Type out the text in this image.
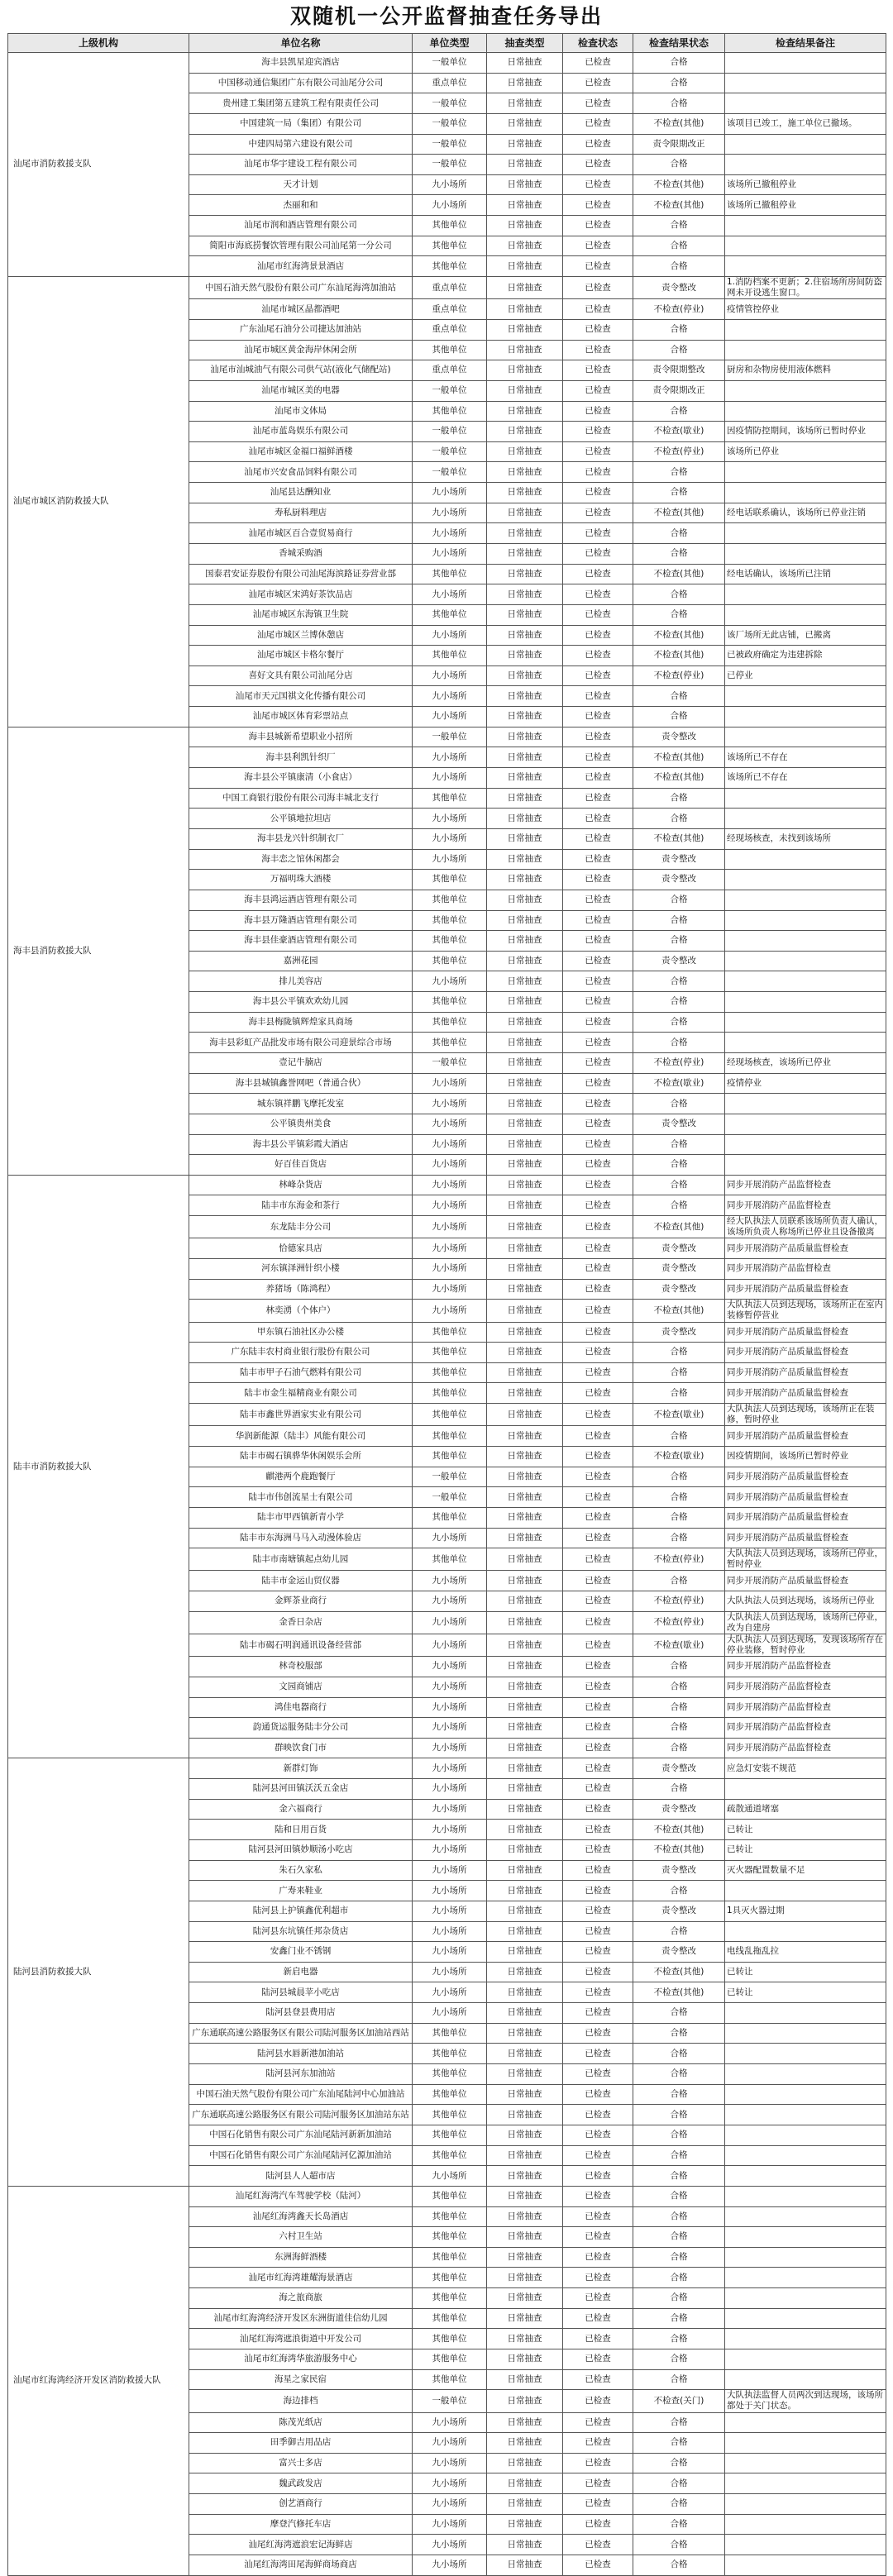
双随机一公开监督抽查任务导出
上级机构	单位名称	单位类型	抽查类型	检查状态	检查结果状态	检查结果备注
汕尾市消防救援支队	海丰县凯星迎宾酒店	一般单位	日常抽查	已检查	合格	
	中国移动通信集团广东有限公司汕尾分公司	重点单位	日常抽查	已检查	合格	
	贵州建工集团第五建筑工程有限责任公司	一般单位	日常抽查	已检查	合格	
	中国建筑一局（集团）有限公司	一般单位	日常抽查	已检查	不检查(其他)	该项目已竣工，施工单位已撤场。
	中建四局第六建设有限公司	一般单位	日常抽查	已检查	责令限期改正	
	汕尾市华宇建设工程有限公司	一般单位	日常抽查	已检查	合格	
	天才计划	九小场所	日常抽查	已检查	不检查(其他)	该场所已撤租停业
	杰丽和和	九小场所	日常抽查	已检查	不检查(其他)	该场所已撤租停业
	汕尾市润和酒店管理有限公司	其他单位	日常抽查	已检查	合格	
	简阳市海底捞餐饮管理有限公司汕尾第一分公司	其他单位	日常抽查	已检查	合格	
	汕尾市红海湾景景酒店	其他单位	日常抽查	已检查	合格	
汕尾市城区消防救援大队	中国石油天然气股份有限公司广东汕尾海湾加油站	重点单位	日常抽查	已检查	责令整改	1.消防档案不更新；2.住宿场所房间防盗网未开设逃生窗口。
	汕尾市城区晶都酒吧	重点单位	日常抽查	已检查	不检查(停业)	疫情管控停业
	广东汕尾石油分公司捷达加油站	重点单位	日常抽查	已检查	合格	
	汕尾市城区黄金海岸休闲会所	其他单位	日常抽查	已检查	合格	
	汕尾市汕城油气有限公司供气站(液化气储配站)	重点单位	日常抽查	已检查	责令限期整改	厨房和杂物房使用液体燃料
	汕尾市城区美的电器	一般单位	日常抽查	已检查	责令限期改正	
	汕尾市文体局	其他单位	日常抽查	已检查	合格	
	汕尾市蓝岛娱乐有限公司	一般单位	日常抽查	已检查	不检查(歇业)	因疫情防控期间，该场所已暂时停业
	汕尾市城区金福口福鲜酒楼	一般单位	日常抽查	已检查	不检查(停业)	该场所已停业
	汕尾市兴安食品饲料有限公司	一般单位	日常抽查	已检查	合格	
	汕尾县达酬知业	九小场所	日常抽查	已检查	合格	
	寿私厨料理店	九小场所	日常抽查	已检查	不检查(其他)	经电话联系确认，该场所已停业注销
	汕尾市城区百合壹贸易商行	九小场所	日常抽查	已检查	合格	
	香城采购酒	九小场所	日常抽查	已检查	合格	
	国泰君安证券股份有限公司汕尾海滨路证券营业部	其他单位	日常抽查	已检查	不检查(其他)	经电话确认，该场所已注销
	汕尾市城区宋鸿好茶饮品店	九小场所	日常抽查	已检查	合格	
	汕尾市城区东海镇卫生院	其他单位	日常抽查	已检查	合格	
	汕尾市城区兰博休憩店	九小场所	日常抽查	已检查	不检查(其他)	该厂场所无此店铺，已搬离
	汕尾市城区卡格尔餐厅	其他单位	日常抽查	已检查	不检查(其他)	已被政府确定为违建拆除
	喜好文具有限公司汕尾分店	九小场所	日常抽查	已检查	不检查(停业)	已停业
	汕尾市天元国祺文化传播有限公司	九小场所	日常抽查	已检查	合格	
	汕尾市城区体育彩票站点	九小场所	日常抽查	已检查	合格	
海丰县消防救援大队	海丰县城新希望职业小招所	一般单位	日常抽查	已检查	责令整改	
	海丰县利凯针织厂	九小场所	日常抽查	已检查	不检查(其他)	该场所已不存在
	海丰县公平镇康清（小食店）	九小场所	日常抽查	已检查	不检查(其他)	该场所已不存在
	中国工商银行股份有限公司海丰城北支行	其他单位	日常抽查	已检查	合格	
	公平镇地拉坦店	九小场所	日常抽查	已检查	合格	
	海丰县龙兴针织制衣厂	九小场所	日常抽查	已检查	不检查(其他)	经现场核查，未找到该场所
	海丰恋之馆休闲都会	九小场所	日常抽查	已检查	责令整改	
	万福明珠大酒楼	其他单位	日常抽查	已检查	责令整改	
	海丰县鸿运酒店管理有限公司	其他单位	日常抽查	已检查	合格	
	海丰县万隆酒店管理有限公司	其他单位	日常抽查	已检查	合格	
	海丰县佳豪酒店管理有限公司	其他单位	日常抽查	已检查	合格	
	嘉洲花园	其他单位	日常抽查	已检查	责令整改	
	排儿美容店	九小场所	日常抽查	已检查	合格	
	海丰县公平镇欢欢幼儿园	其他单位	日常抽查	已检查	合格	
	海丰县梅陇镇辉煌家具商场	其他单位	日常抽查	已检查	合格	
	海丰县彩虹产品批发市场有限公司迎景综合市场	其他单位	日常抽查	已检查	合格	
	壹记牛腩店	一般单位	日常抽查	已检查	不检查(停业)	经现场核查，该场所已停业
	海丰县城镇鑫誉网吧（普通合伙）	九小场所	日常抽查	已检查	不检查(歇业)	疫情停业
	城东镇祥鹏飞摩托发室	九小场所	日常抽查	已检查	合格	
	公平镇贵州美食	九小场所	日常抽查	已检查	责令整改	
	海丰县公平镇彩霞大酒店	九小场所	日常抽查	已检查	合格	
	好百佳百货店	九小场所	日常抽查	已检查	合格	
陆丰市消防救援大队	林峰杂货店	九小场所	日常抽查	已检查	合格	同步开展消防产品监督检查
	陆丰市东海金和茶行	九小场所	日常抽查	已检查	合格	同步开展消防产品监督检查
	东龙陆丰分公司	九小场所	日常抽查	已检查	不检查(其他)	经大队执法人员联系该场所负责人确认，该场所负责人称场所已停业且设备撤离
	恰德家具店	九小场所	日常抽查	已检查	责令整改	同步开展消防产品质量监督检查
	河东镇泽洲针织小楼	九小场所	日常抽查	已检查	责令整改	同步开展消防产品监督检查
	养猪场（陈鸿程）	九小场所	日常抽查	已检查	责令整改	同步开展消防产品质量监督检查
	林奕湧（个体户）	九小场所	日常抽查	已检查	不检查(其他)	大队执法人员到达现场，该场所正在室内装修暂停营业
	甲东镇石油社区办公楼	其他单位	日常抽查	已检查	责令整改	同步开展消防产品质量监督检查
	广东陆丰农村商业银行股份有限公司	其他单位	日常抽查	已检查	合格	同步开展消防产品质量监督检查
	陆丰市甲子石油气燃料有限公司	其他单位	日常抽查	已检查	合格	同步开展消防产品质量监督检查
	陆丰市金生福精商业有限公司	其他单位	日常抽查	已检查	合格	同步开展消防产品质量监督检查
	陆丰市鑫世界酒家实业有限公司	其他单位	日常抽查	已检查	不检查(歇业)	大队执法人员到达现场，该场所正在装修，暂时停业
	华润新能源（陆丰）风能有限公司	其他单位	日常抽查	已检查	合格	同步开展消防产品质量监督检查
	陆丰市碣石镇骅华休闲娱乐会所	其他单位	日常抽查	已检查	不检查(歇业)	因疫情期间，该场所已暂时停业
	麒港两个鹿跑餐厅	一般单位	日常抽查	已检查	合格	同步开展消防产品质量监督检查
	陆丰市伟创流星士有限公司	一般单位	日常抽查	已检查	合格	同步开展消防产品质量监督检查
	陆丰市甲西镇新青小学	其他单位	日常抽查	已检查	合格	同步开展消防产品质量监督检查
	陆丰市东海洲马马入动漫体验店	九小场所	日常抽查	已检查	合格	同步开展消防产品质量监督检查
	陆丰市南塘镇起点幼儿园	其他单位	日常抽查	已检查	不检查(停业)	大队执法人员到达现场，该场所已停业，暂时停业
	陆丰市金运山贸仪器	九小场所	日常抽查	已检查	合格	同步开展消防产品质量监督检查
	金辉茶业商行	九小场所	日常抽查	已检查	不检查(停业)	大队执法人员到达现场，该场所已停业
	金香日杂店	九小场所	日常抽查	已检查	不检查(停业)	大队执法人员到达现场，该场所已停业，改为自建房
	陆丰市碣石明润通讯设备经营部	九小场所	日常抽查	已检查	不检查(歇业)	大队执法人员到达现场，发现该场所存在停业装修，暂时停业
	林奇校服部	九小场所	日常抽查	已检查	合格	同步开展消防产品监督检查
	文园商铺店	九小场所	日常抽查	已检查	合格	同步开展消防产品监督检查
	鸿佳电器商行	九小场所	日常抽查	已检查	合格	同步开展消防产品监督检查
	韵通货运服务陆丰分公司	九小场所	日常抽查	已检查	合格	同步开展消防产品监督检查
	群映饮食门市	九小场所	日常抽查	已检查	合格	同步开展消防产品监督检查
陆河县消防救援大队	新群灯饰	九小场所	日常抽查	已检查	责令整改	应急灯安装不规范
	陆河县河田镇沃沃五金店	九小场所	日常抽查	已检查	合格	
	金六福商行	九小场所	日常抽查	已检查	责令整改	疏散通道堵塞
	陆和日用百货	九小场所	日常抽查	已检查	不检查(其他)	已转让
	陆河县河田镇妙顺汤小吃店	九小场所	日常抽查	已检查	不检查(其他)	已转让
	朱石久家私	九小场所	日常抽查	已检查	责令整改	灭火器配置数量不足
	广寿来鞋业	九小场所	日常抽查	已检查	合格	
	陆河县上护镇鑫优利超市	九小场所	日常抽查	已检查	责令整改	1具灭火器过期
	陆河县东坑镇任邦杂货店	九小场所	日常抽查	已检查	合格	
	安鑫门业不锈钢	九小场所	日常抽查	已检查	责令整改	电线乱拖乱拉
	新启电器	九小场所	日常抽查	已检查	不检查(其他)	已转让
	陆河县城晨苹小吃店	九小场所	日常抽查	已检查	不检查(其他)	已转让
	陆河县登县费用店	九小场所	日常抽查	已检查	合格	
	广东通联高速公路服务区有限公司陆河服务区加油站西站	其他单位	日常抽查	已检查	合格	
	陆河县水唇新港加油站	其他单位	日常抽查	已检查	合格	
	陆河县河东加油站	其他单位	日常抽查	已检查	合格	
	中国石油天然气股份有限公司广东汕尾陆河中心加油站	其他单位	日常抽查	已检查	合格	
	广东通联高速公路服务区有限公司陆河服务区加油站东站	其他单位	日常抽查	已检查	合格	
	中国石化销售有限公司广东汕尾陆河新新加油站	其他单位	日常抽查	已检查	合格	
	中国石化销售有限公司广东汕尾陆河亿源加油站	其他单位	日常抽查	已检查	合格	
	陆河县人人超市店	九小场所	日常抽查	已检查	合格	
汕尾市红海湾经济开发区消防救援大队	汕尾红海湾汽车驾驶学校（陆河）	其他单位	日常抽查	已检查	合格	
	汕尾红海湾鑫天长岛酒店	其他单位	日常抽查	已检查	合格	
	六村卫生站	其他单位	日常抽查	已检查	合格	
	东洲海鲜酒楼	其他单位	日常抽查	已检查	合格	
	汕尾市红海湾雄耀海景酒店	其他单位	日常抽查	已检查	合格	
	海之旅商旅	其他单位	日常抽查	已检查	合格	
	汕尾市红海湾经济开发区东洲街道佳信幼儿园	其他单位	日常抽查	已检查	合格	
	汕尾红海湾遮浪街道中开发公司	其他单位	日常抽查	已检查	合格	
	汕尾市红海湾华旅游服务中心	其他单位	日常抽查	已检查	合格	
	海星之家民宿	其他单位	日常抽查	已检查	合格	
	海边排档	一般单位	日常抽查	已检查	不检查(关门)	大队执法监督人员两次到达现场，该场所都处于关门状态。
	陈茂光纸店	九小场所	日常抽查	已检查	合格	
	田季御吉用品店	九小场所	日常抽查	已检查	合格	
	富兴士多店	九小场所	日常抽查	已检查	合格	
	魏武政发店	九小场所	日常抽查	已检查	合格	
	创艺酒商行	九小场所	日常抽查	已检查	合格	
	摩登汽修托车店	九小场所	日常抽查	已检查	合格	
	汕尾红海湾遮浪宏记海鲜店	九小场所	日常抽查	已检查	合格	
	汕尾红海湾田尾海鲜商场商店	九小场所	日常抽查	已检查	合格	
